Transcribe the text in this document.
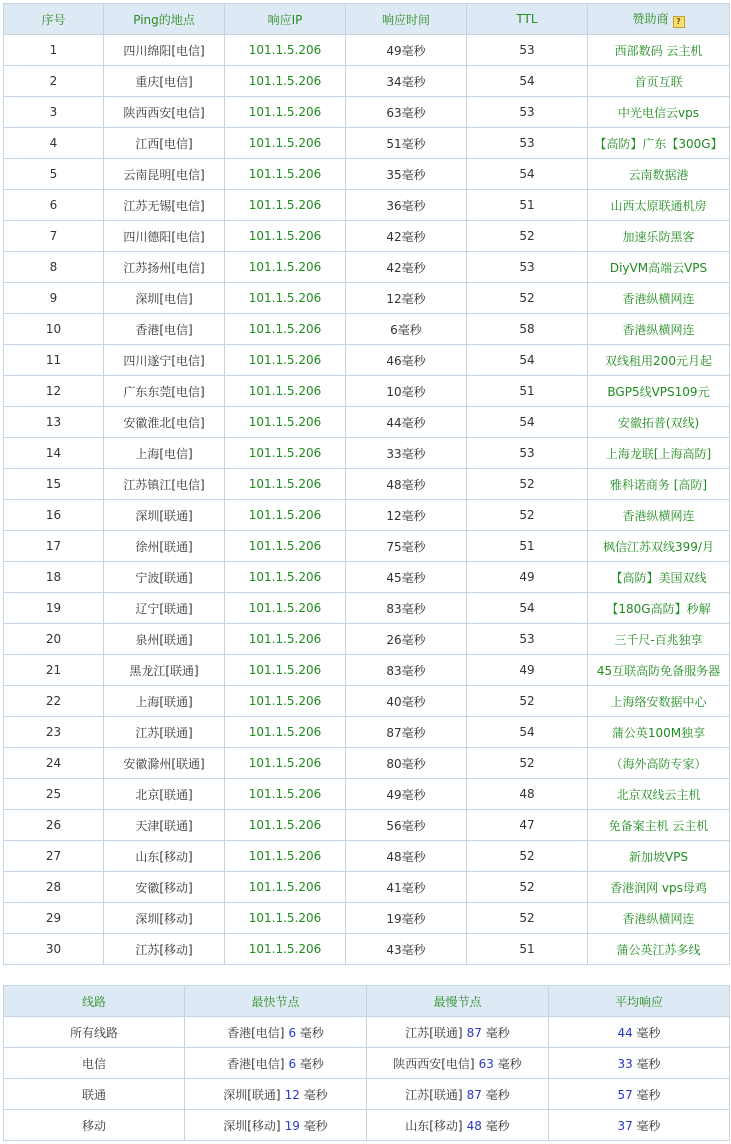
序号	Ping的地点	响应IP	响应时间	TTL	赞助商 ?
1	四川绵阳[电信]	101.1.5.206	49毫秒	53	西部数码 云主机
2	重庆[电信]	101.1.5.206	34毫秒	54	首页互联
3	陕西西安[电信]	101.1.5.206	63毫秒	53	中光电信云vps
4	江西[电信]	101.1.5.206	51毫秒	53	【高防】广东【300G】
5	云南昆明[电信]	101.1.5.206	35毫秒	54	云南数据港
6	江苏无锡[电信]	101.1.5.206	36毫秒	51	山西太原联通机房
7	四川德阳[电信]	101.1.5.206	42毫秒	52	加速乐防黑客
8	江苏扬州[电信]	101.1.5.206	42毫秒	53	DiyVM高端云VPS
9	深圳[电信]	101.1.5.206	12毫秒	52	香港纵横网连
10	香港[电信]	101.1.5.206	6毫秒	58	香港纵横网连
11	四川遂宁[电信]	101.1.5.206	46毫秒	54	双线租用200元月起
12	广东东莞[电信]	101.1.5.206	10毫秒	51	BGP5线VPS109元
13	安徽淮北[电信]	101.1.5.206	44毫秒	54	安徽拓普(双线)
14	上海[电信]	101.1.5.206	33毫秒	53	上海龙联[上海高防]
15	江苏镇江[电信]	101.1.5.206	48毫秒	52	雅科诺商务 [高防]
16	深圳[联通]	101.1.5.206	12毫秒	52	香港纵横网连
17	徐州[联通]	101.1.5.206	75毫秒	51	枫信江苏双线399/月
18	宁波[联通]	101.1.5.206	45毫秒	49	【高防】美国双线
19	辽宁[联通]	101.1.5.206	83毫秒	54	【180G高防】秒解
20	泉州[联通]	101.1.5.206	26毫秒	53	三千尺-百兆独享
21	黑龙江[联通]	101.1.5.206	83毫秒	49	45互联高防免备服务器
22	上海[联通]	101.1.5.206	40毫秒	52	上海络安数据中心
23	江苏[联通]	101.1.5.206	87毫秒	54	蒲公英100M独享
24	安徽滁州[联通]	101.1.5.206	80毫秒	52	（海外高防专家）
25	北京[联通]	101.1.5.206	49毫秒	48	北京双线云主机
26	天津[联通]	101.1.5.206	56毫秒	47	免备案主机 云主机
27	山东[移动]	101.1.5.206	48毫秒	52	新加坡VPS
28	安徽[移动]	101.1.5.206	41毫秒	52	香港润网 vps母鸡
29	深圳[移动]	101.1.5.206	19毫秒	52	香港纵横网连
30	江苏[移动]	101.1.5.206	43毫秒	51	蒲公英江苏多线
线路	最快节点	最慢节点	平均响应
所有线路	香港[电信] 6 毫秒	江苏[联通] 87 毫秒	44 毫秒
电信	香港[电信] 6 毫秒	陕西西安[电信] 63 毫秒	33 毫秒
联通	深圳[联通] 12 毫秒	江苏[联通] 87 毫秒	57 毫秒
移动	深圳[移动] 19 毫秒	山东[移动] 48 毫秒	37 毫秒
